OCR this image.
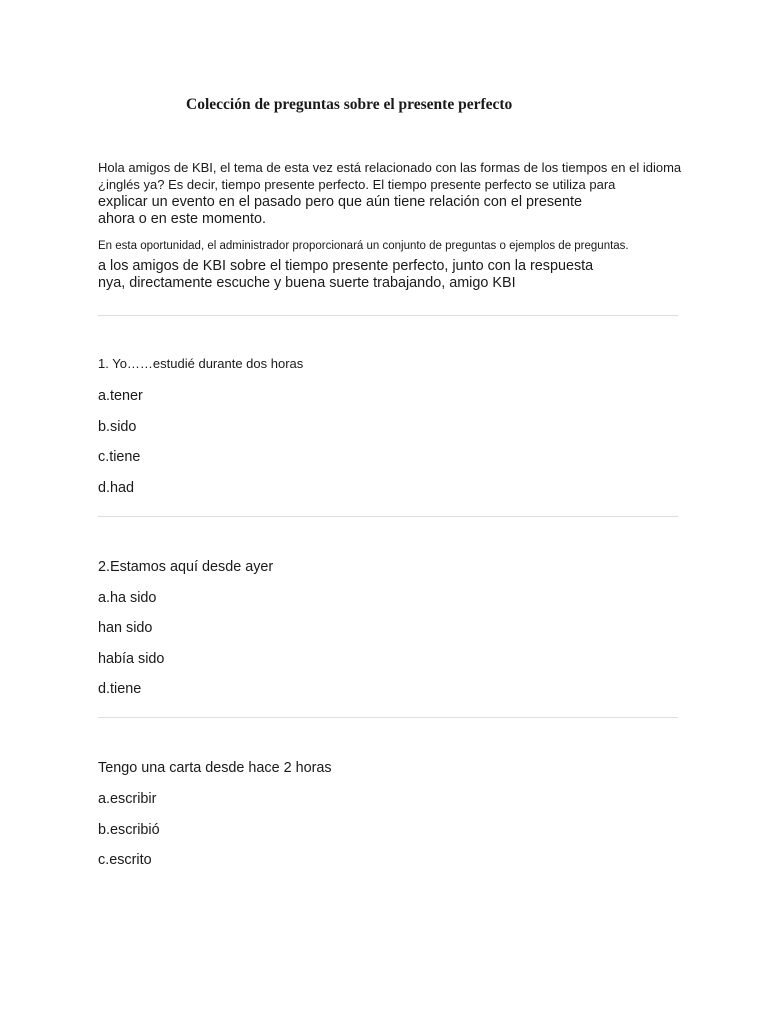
Colección de preguntas sobre el presente perfecto

Hola amigos de KBI, el tema de esta vez está relacionado con las formas de los tiempos en el idioma

¿inglés ya? Es decir, tiempo presente perfecto. El tiempo presente perfecto se utiliza para

explicar un evento en el pasado pero que aún tiene relación con el presente

ahora o en este momento.

En esta oportunidad, el administrador proporcionará un conjunto de preguntas o ejemplos de preguntas.

a los amigos de KBI sobre el tiempo presente perfecto, junto con la respuesta

nya, directamente escuche y buena suerte trabajando, amigo KBI

1. Yo……estudié durante dos horas

a.tener

b.sido

c.tiene

d.had

2.Estamos aquí desde ayer

a.ha sido

han sido

había sido

d.tiene

Tengo una carta desde hace 2 horas

a.escribir

b.escribió

c.escrito
